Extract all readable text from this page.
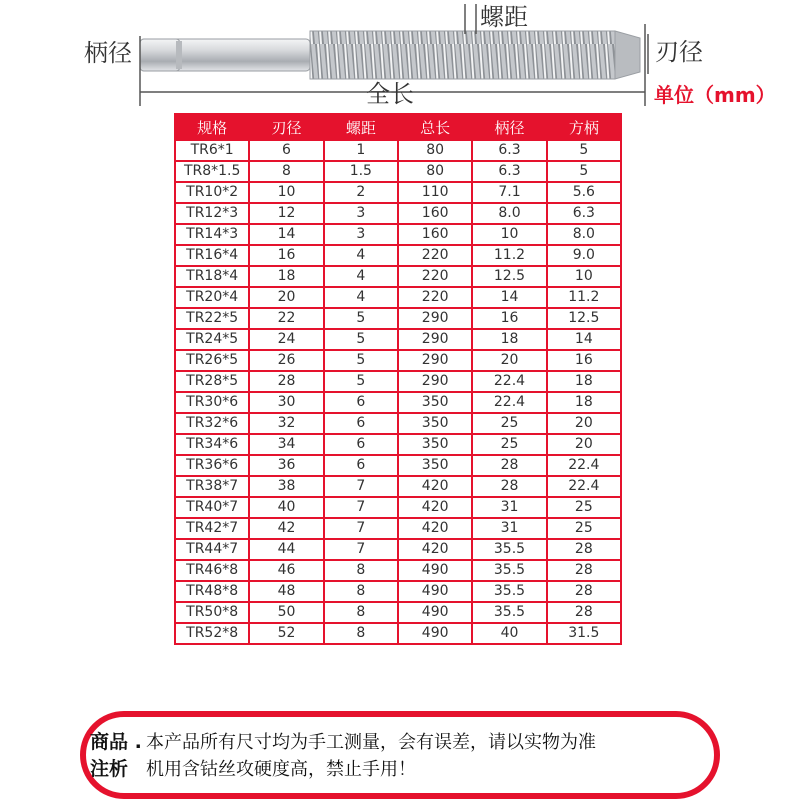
螺距
柄径	刃径
全长	单位（mm）
规格	刃径	螺距	总长	柄径	方柄
TR6*1	6	1	80	6.3	5
TR8*1.5	8	1.5	80	6.3	5
TR10*2	10	2	110	7.1	5.6
TR12*3	12	3	160	8.0	6.3
TR14*3	14	3	160	10	8.0
TR16*4	16	4	220	11.2	9.0
TR18*4	18	4	220	12.5	10
TR20*4	20	4	220	14	11.2
TR22*5	22	5	290	16	12.5
TR24*5	24	5	290	18	14
TR26*5	26	5	290	20	16
TR28*5	28	5	290	22.4	18
TR30*6	30	6	350	22.4	18
TR32*6	32	6	350	25	20
TR34*6	34	6	350	25	20
TR36*6	36	6	350	28	22.4
TR38*7	38	7	420	28	22.4
TR40*7	40	7	420	31	25
TR42*7	42	7	420	31	25
TR44*7	44	7	420	35.5	28
TR46*8	46	8	490	35.5	28
TR48*8	48	8	490	35.5	28
TR50*8	50	8	490	35.5	28
TR52*8	52	8	490	40	31.5
商品 .
注析
本产品所有尺寸均为手工测量，会有误差，请以实物为准
机用含钴丝攻硬度高，禁止手用！
